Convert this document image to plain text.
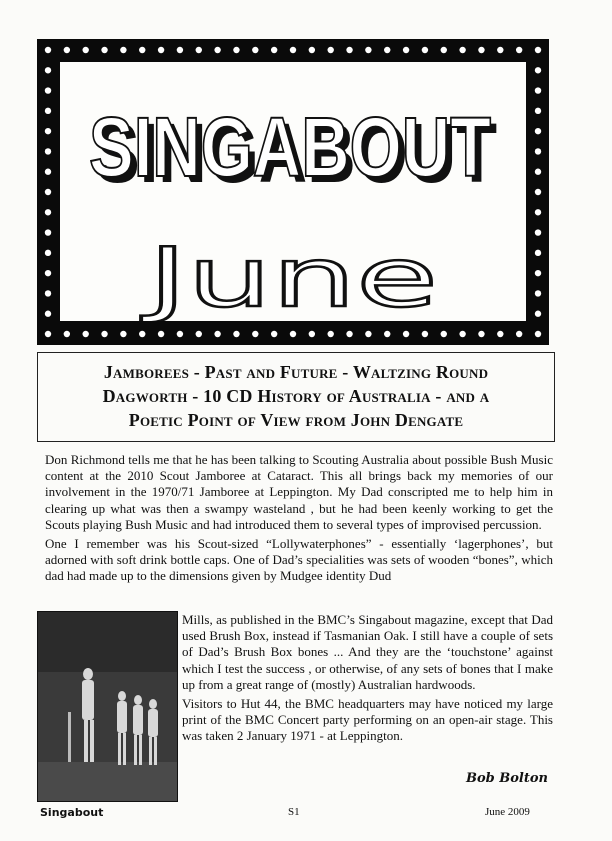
SINGABOUT
SINGABOUT
June
Jamborees - Past and Future - Waltzing Round
Dagworth - 10 CD History of Australia - and a
Poetic Point of View from John Dengate

Don Richmond tells me that he has been talking to Scouting Australia about possible Bush Music content at the 2010 Scout Jamboree at Cataract. This all brings back my memories of our involvement in the 1970/71 Jamboree at Leppington. My Dad conscripted me to help him in clearing up what was then a swampy wasteland , but he had been keenly working to get the Scouts playing Bush Music and had introduced them to several types of improvised percussion.

One I remember was his Scout-sized “Lollywaterphones” - essentially ‘lagerphones’, but adorned with soft drink bottle caps. One of Dad’s specialities was sets of wooden “bones”, which dad had made up to the dimensions given by Mudgee identity Dud

Mills, as published in the BMC’s Singabout magazine, except that Dad used Brush Box, instead if Tasmanian Oak. I still have a couple of sets of Dad’s Brush Box bones ... And they are the ‘touchstone’ against which I test the success , or otherwise, of any sets of bones that I make up from a great range of (mostly) Australian hardwoods.

Visitors to Hut 44, the BMC headquarters may have noticed my large print of the BMC Concert party performing on an open-air stage. This was taken 2 January 1971 - at Leppington.

Bob Bolton
Singabout	S1	June 2009
